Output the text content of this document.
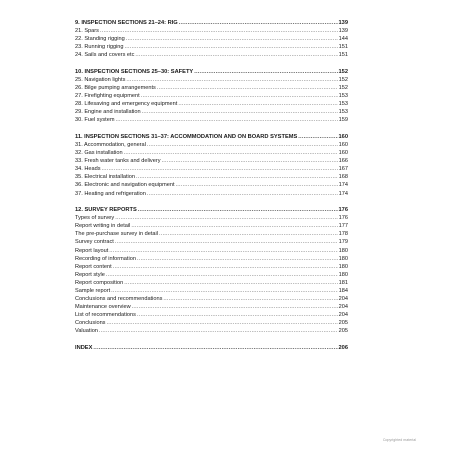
9. INSPECTION SECTIONS 21–24: RIG .....	139
21. Spars .....	139
22. Standing rigging .....	144
23. Running rigging .....	151
24. Sails and covers etc .....	151
10. INSPECTION SECTIONS 25–30: SAFETY .....	152
25. Navigation lights .....	152
26. Bilge pumping arrangements .....	152
27. Firefighting equipment .....	153
28. Lifesaving and emergency equipment .....	153
29. Engine and installation .....	153
30. Fuel system .....	159
11. INSPECTION SECTIONS 31–37: ACCOMMODATION AND ON BOARD SYSTEMS .....	160
31. Accommodation, general .....	160
32. Gas installation .....	160
33. Fresh water tanks and delivery .....	166
34. Heads .....	167
35. Electrical installation .....	168
36. Electronic and navigation equipment .....	174
37. Heating and refrigeration .....	174
12. SURVEY REPORTS .....	176
Types of survey .....	176
Report writing in detail .....	177
The pre-purchase survey in detail .....	178
Survey contract .....	179
Report layout .....	180
Recording of information .....	180
Report content .....	180
Report style .....	180
Report composition .....	181
Sample report .....	184
Conclusions and recommendations .....	204
Maintenance overview .....	204
List of recommendations .....	204
Conclusions .....	205
Valuation .....	205
INDEX .....	206
Copyrighted material
